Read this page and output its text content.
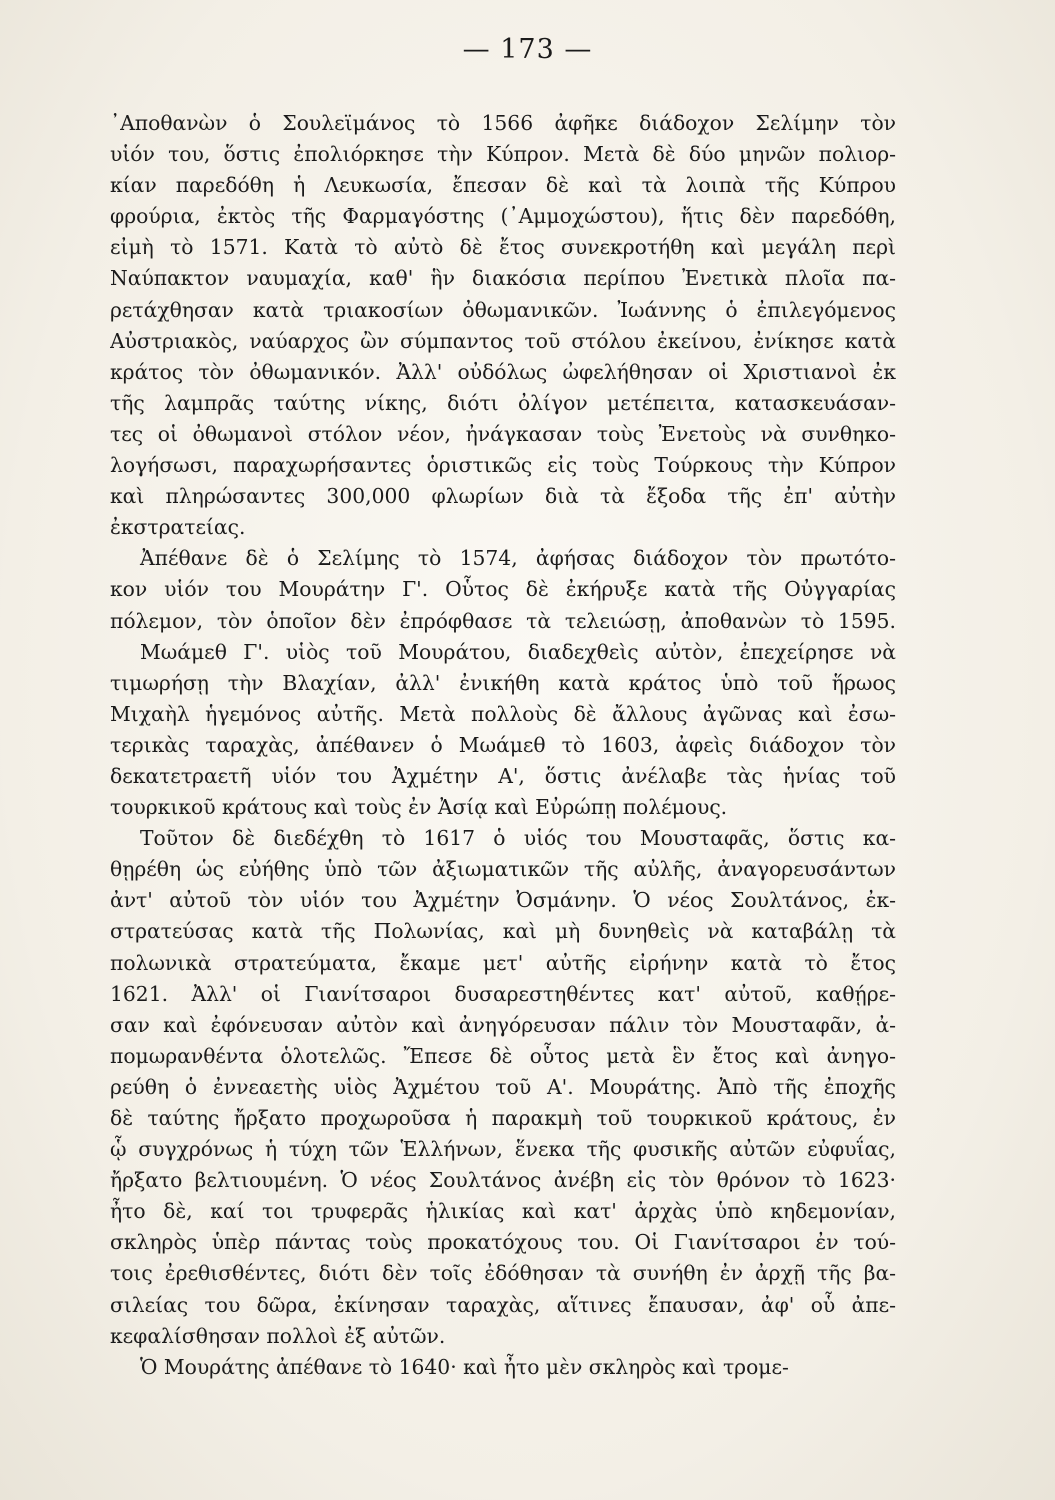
— 173 —
᾿Αποθανὼν ὁ Σουλεϊμάνος τὸ 1566 ἀφῆκε διάδοχον Σελίμην τὸν
υἱόν του, ὅστις ἐπολιόρκησε τὴν Κύπρον. Μετὰ δὲ δύο μηνῶν πολιορ-
κίαν παρεδόθη ἡ Λευκωσία, ἔπεσαν δὲ καὶ τὰ λοιπὰ τῆς Κύπρου
φρούρια, ἐκτὸς τῆς Φαρμαγόστης (᾿Αμμοχώστου), ἥτις δὲν παρεδόθη,
εἰμὴ τὸ 1571. Κατὰ τὸ αὐτὸ δὲ ἔτος συνεκροτήθη καὶ μεγάλη περὶ
Ναύπακτον ναυμαχία, καθ' ἣν διακόσια περίπου Ἐνετικὰ πλοῖα πα-
ρετάχθησαν κατὰ τριακοσίων ὀθωμανικῶν. Ἰωάννης ὁ ἐπιλεγόμενος
Αὐστριακὸς, ναύαρχος ὢν σύμπαντος τοῦ στόλου ἐκείνου, ἐνίκησε κατὰ
κράτος τὸν ὀθωμανικόν. Ἀλλ' οὐδόλως ὠφελήθησαν οἱ Χριστιανοὶ ἐκ
τῆς λαμπρᾶς ταύτης νίκης, διότι ὀλίγον μετέπειτα, κατασκευάσαν-
τες οἱ ὀθωμανοὶ στόλον νέον, ἠνάγκασαν τοὺς Ἐνετοὺς νὰ συνθηκο-
λογήσωσι, παραχωρήσαντες ὁριστικῶς εἰς τοὺς Τούρκους τὴν Κύπρον
καὶ πληρώσαντες 300,000 φλωρίων διὰ τὰ ἔξοδα τῆς ἐπ' αὐτὴν
ἐκστρατείας.
Ἀπέθανε δὲ ὁ Σελίμης τὸ 1574, ἀφήσας διάδοχον τὸν πρωτότο-
κον υἱόν του Μουράτην Γ'. Οὗτος δὲ ἐκήρυξε κατὰ τῆς Οὐγγαρίας
πόλεμον, τὸν ὁποῖον δὲν ἐπρόφθασε τὰ τελειώσῃ, ἀποθανὼν τὸ 1595.
Μωάμεθ Γ'. υἱὸς τοῦ Μουράτου, διαδεχθεὶς αὐτὸν, ἐπεχείρησε νὰ
τιμωρήσῃ τὴν Βλαχίαν, ἀλλ' ἐνικήθη κατὰ κράτος ὑπὸ τοῦ ἥρωος
Μιχαὴλ ἡγεμόνος αὐτῆς. Μετὰ πολλοὺς δὲ ἄλλους ἀγῶνας καὶ ἐσω-
τερικὰς ταραχὰς, ἀπέθανεν ὁ Μωάμεθ τὸ 1603, ἀφεὶς διάδοχον τὸν
δεκατετραετῆ υἱόν του Ἀχμέτην Α', ὅστις ἀνέλαβε τὰς ἡνίας τοῦ
τουρκικοῦ κράτους καὶ τοὺς ἐν Ἀσίᾳ καὶ Εὐρώπῃ πολέμους.
Τοῦτον δὲ διεδέχθη τὸ 1617 ὁ υἱός του Μουσταφᾶς, ὅστις κα-
θῃρέθη ὡς εὐήθης ὑπὸ τῶν ἀξιωματικῶν τῆς αὐλῆς, ἀναγορευσάντων
ἀντ' αὐτοῦ τὸν υἱόν του Ἀχμέτην Ὀσμάνην. Ὁ νέος Σουλτάνος, ἐκ-
στρατεύσας κατὰ τῆς Πολωνίας, καὶ μὴ δυνηθεὶς νὰ καταβάλῃ τὰ
πολωνικὰ στρατεύματα, ἔκαμε μετ' αὐτῆς εἰρήνην κατὰ τὸ ἔτος
1621. Ἀλλ' οἱ Γιανίτσαροι δυσαρεστηθέντες κατ' αὐτοῦ, καθῄρε-
σαν καὶ ἐφόνευσαν αὐτὸν καὶ ἀνηγόρευσαν πάλιν τὸν Μουσταφᾶν, ἀ-
πομωρανθέντα ὁλοτελῶς. Ἔπεσε δὲ οὗτος μετὰ ἓν ἔτος καὶ ἀνηγο-
ρεύθη ὁ ἐννεαετὴς υἱὸς Ἀχμέτου τοῦ Α'. Μουράτης. Ἀπὸ τῆς ἐποχῆς
δὲ ταύτης ἤρξατο προχωροῦσα ἡ παρακμὴ τοῦ τουρκικοῦ κράτους, ἐν
ᾧ συγχρόνως ἡ τύχη τῶν Ἑλλήνων, ἕνεκα τῆς φυσικῆς αὐτῶν εὐφυΐας,
ἤρξατο βελτιουμένη. Ὁ νέος Σουλτάνος ἀνέβη εἰς τὸν θρόνον τὸ 1623·
ἦτο δὲ, καί τοι τρυφερᾶς ἡλικίας καὶ κατ' ἀρχὰς ὑπὸ κηδεμονίαν,
σκληρὸς ὑπὲρ πάντας τοὺς προκατόχους του. Οἱ Γιανίτσαροι ἐν τού-
τοις ἐρεθισθέντες, διότι δὲν τοῖς ἐδόθησαν τὰ συνήθη ἐν ἀρχῇ τῆς βα-
σιλείας του δῶρα, ἐκίνησαν ταραχὰς, αἵτινες ἔπαυσαν, ἀφ' οὗ ἀπε-
κεφαλίσθησαν πολλοὶ ἐξ αὐτῶν.
Ὁ Μουράτης ἀπέθανε τὸ 1640· καὶ ἦτο μὲν σκληρὸς καὶ τρομε-
